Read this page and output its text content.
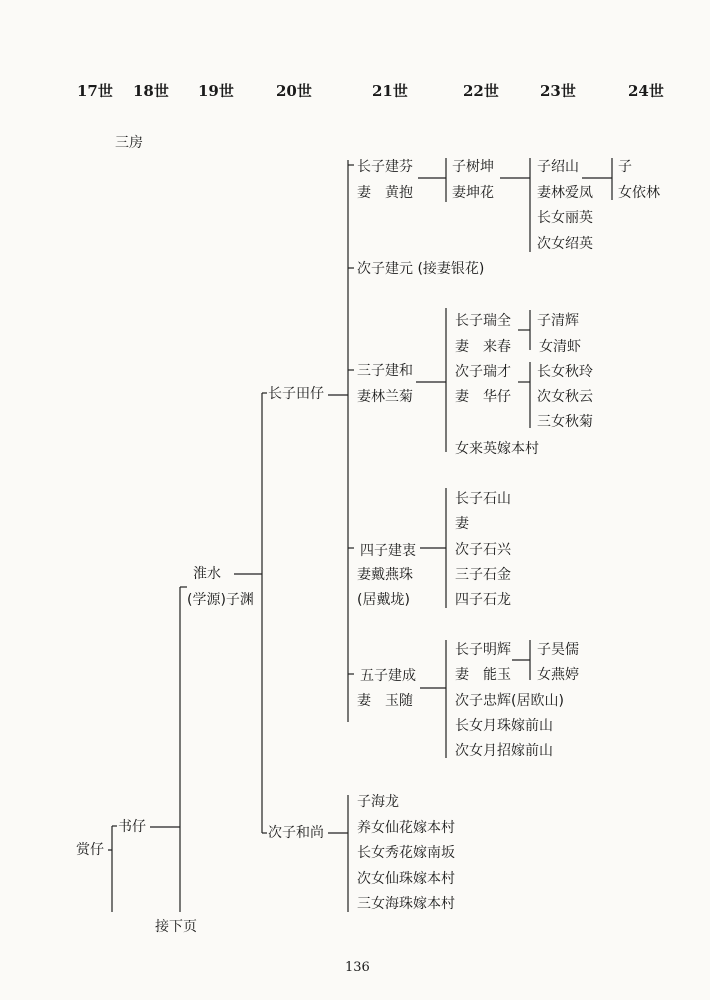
17世 18世 19世	20世	21世	22世	23世	24世
三房
赏仔
书仔
淮水
(学源)子渊
长子田仔
次子和尚
长子建芬
妻　黄抱
子树坤
妻坤花
子绍山
妻林爱凤
长女丽英
次女绍英
子
女依林
次子建元 (接妻银花)
三子建和
妻林兰菊
长子瑞全
妻　来春
子清辉
女清虾
次子瑞才
妻　华仔
长女秋玲
次女秋云
三女秋菊
女来英嫁本村
四子建衷
妻戴燕珠
(居戴垅)
长子石山
妻
次子石兴
三子石金
四子石龙
五子建成
妻　玉随
长子明辉
妻　能玉
子昊儒
女燕婷
次子忠辉(居欧山)
长女月珠嫁前山
次女月招嫁前山
子海龙
养女仙花嫁本村
长女秀花嫁南坂
次女仙珠嫁本村
三女海珠嫁本村
接下页
136
